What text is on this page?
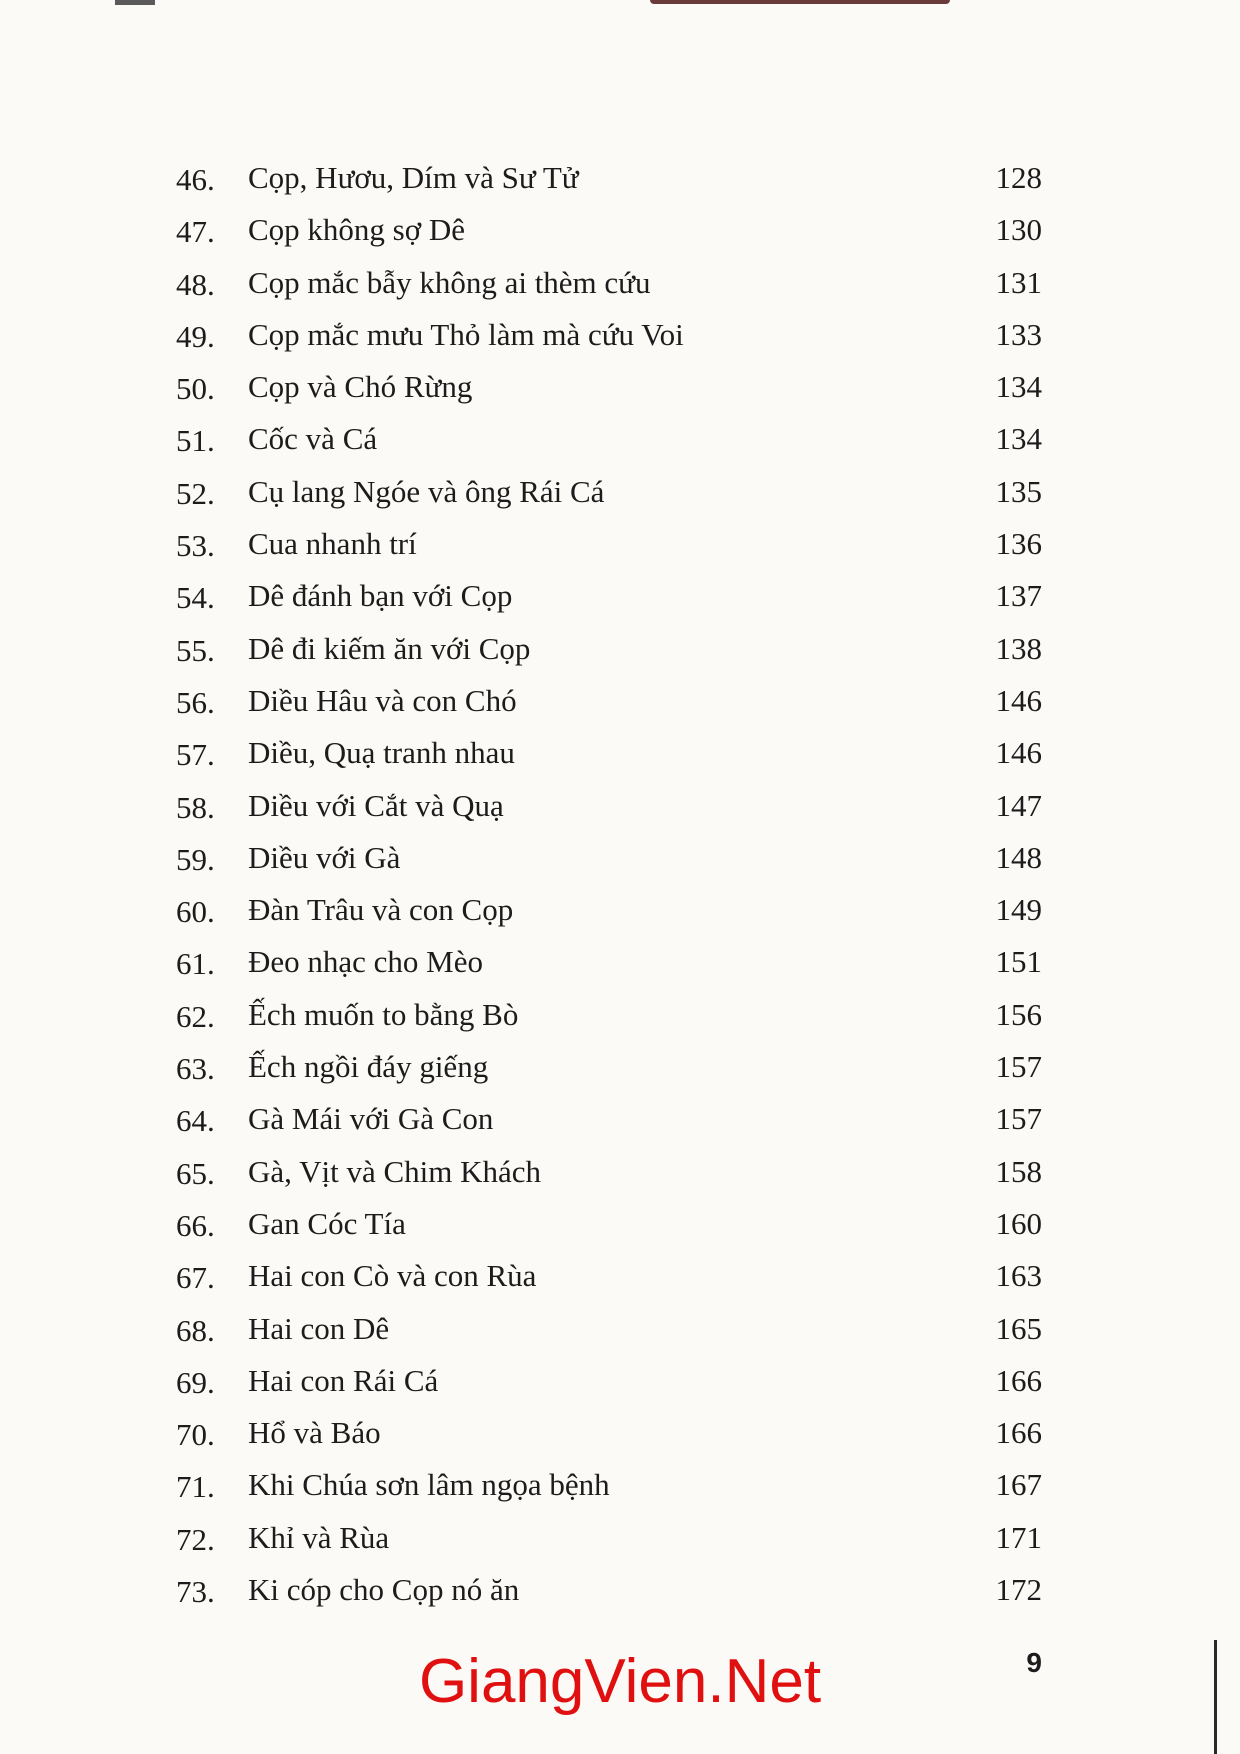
46.	Cọp, Hươu, Dím và Sư Tử	128
47.	Cọp không sợ Dê	130
48.	Cọp mắc bẫy không ai thèm cứu	131
49.	Cọp mắc mưu Thỏ làm mà cứu Voi	133
50.	Cọp và Chó Rừng	134
51.	Cốc và Cá	134
52.	Cụ lang Ngóe và ông Rái Cá	135
53.	Cua nhanh trí	136
54.	Dê đánh bạn với Cọp	137
55.	Dê đi kiếm ăn với Cọp	138
56.	Diều Hâu và con Chó	146
57.	Diều, Quạ tranh nhau	146
58.	Diều với Cắt và Quạ	147
59.	Diều với Gà	148
60.	Đàn Trâu và con Cọp	149
61.	Đeo nhạc cho Mèo	151
62.	Ếch muốn to bằng Bò	156
63.	Ếch ngồi đáy giếng	157
64.	Gà Mái với Gà Con	157
65.	Gà, Vịt và Chim Khách	158
66.	Gan Cóc Tía	160
67.	Hai con Cò và con Rùa	163
68.	Hai con Dê	165
69.	Hai con Rái Cá	166
70.	Hổ và Báo	166
71.	Khi Chúa sơn lâm ngọa bệnh	167
72.	Khỉ và Rùa	171
73.	Ki cóp cho Cọp nó ăn	172
9
GiangVien.Net
